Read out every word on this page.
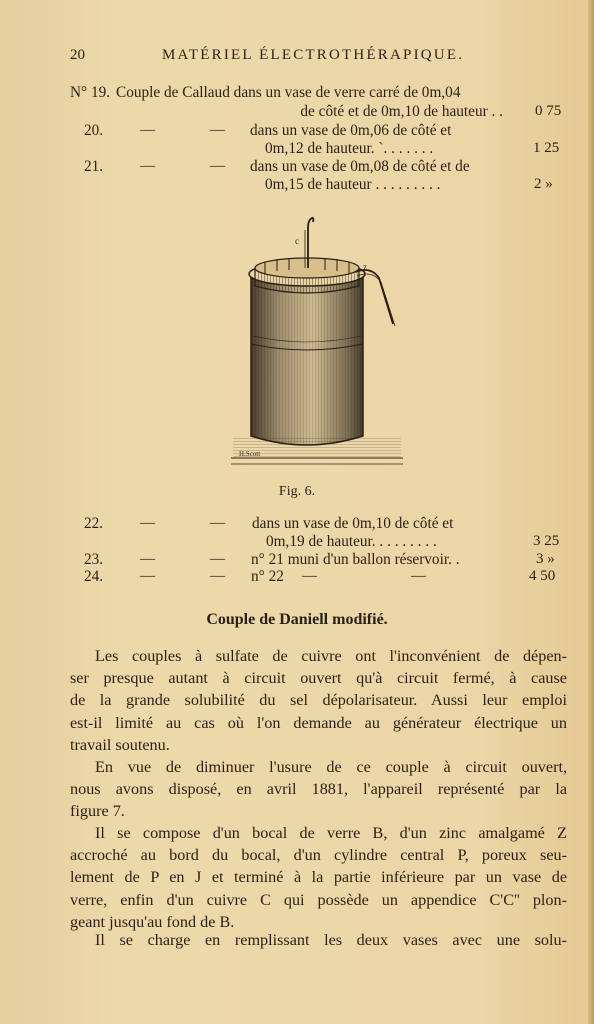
20	MATÉRIEL ÉLECTROTHÉRAPIQUE.
N° 19. Couple de Callaud dans un vase de verre carré de 0m,04
de côté et de 0m,10 de hauteur . . 0 75
20. —	— dans un vase de 0m,06 de côté et
0m,12 de hauteur. `. . . . . . .	1 25
21. —	— dans un vase de 0m,08 de côté et de
0m,15 de hauteur . . . . . . . . .	2 »
c
z
H.Scott
Fig. 6.
22. —	— dans un vase de 0m,10 de côté et
0m,19 de hauteur. . . . . . . . .	3 25
23. —	— n° 21 muni d'un ballon réservoir. .	3 »
24. —	— n° 22 —	—	4 50
Couple de Daniell modifié.
Les couples à sulfate de cuivre ont l'inconvénient de dépen-
ser presque autant à circuit ouvert qu'à circuit fermé, à cause
de la grande solubilité du sel dépolarisateur. Aussi leur emploi
est-il limité au cas où l'on demande au générateur électrique un
travail soutenu.
En vue de diminuer l'usure de ce couple à circuit ouvert,
nous avons disposé, en avril 1881, l'appareil représenté par la
figure 7.
Il se compose d'un bocal de verre B, d'un zinc amalgamé Z
accroché au bord du bocal, d'un cylindre central P, poreux seu-
lement de P en J et terminé à la partie inférieure par un vase de
verre, enfin d'un cuivre C qui possède un appendice C'C'' plon-
geant jusqu'au fond de B.
Il se charge en remplissant les deux vases avec une solu-
